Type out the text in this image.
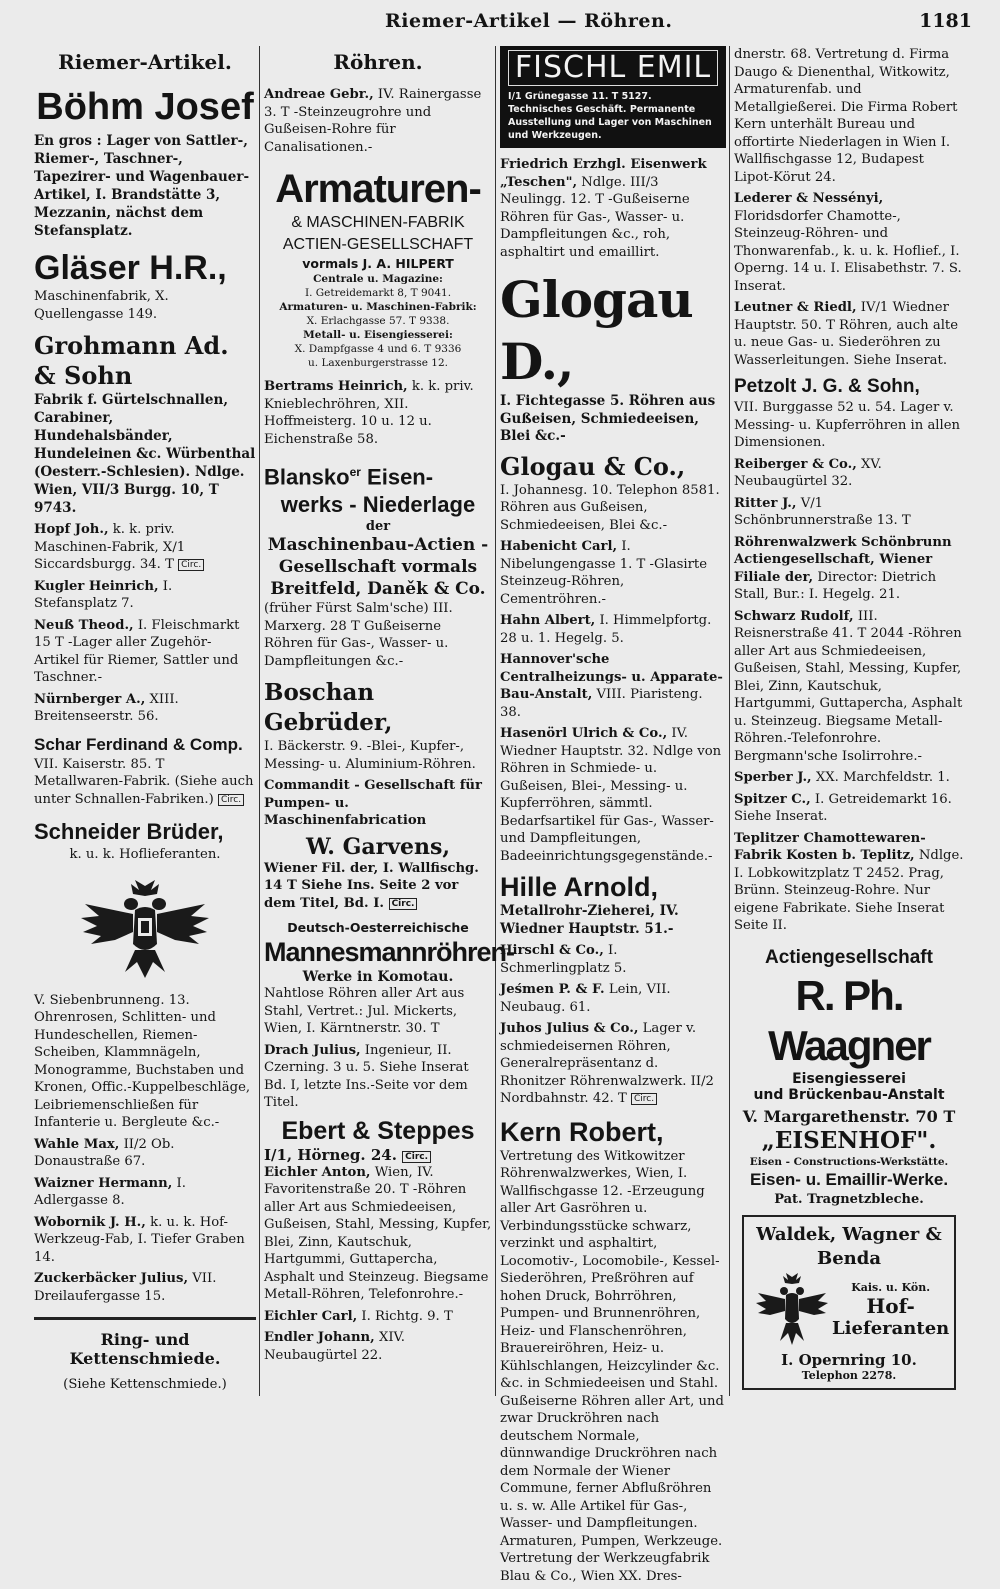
Riemer-Artikel — Röhren.	1181
Riemer-Artikel.
Böhm Josef

En gros : Lager von Sattler-, Riemer-, Taschner-, Tapezirer- und Wagenbauer-Artikel, I. Brandstätte 3, Mezzanin, nächst dem Stefansplatz.

Gläser H.R.,

Maschinenfabrik, X. Quellengasse 149.

Grohmann Ad. & Sohn

Fabrik f. Gürtelschnallen, Carabiner, Hundehalsbänder, Hundeleinen &c. Würbenthal (Oesterr.-Schlesien). Ndlge. Wien, VII/3 Burgg. 10, T 9743.

Hopf Joh., k. k. priv. Maschinen-Fabrik, X/1 Siccardsburgg. 34. T Circ.

Kugler Heinrich, I. Stefansplatz 7.

Neuß Theod., I. Fleischmarkt 15 T -Lager aller Zugehör-Artikel für Riemer, Sattler und Taschner.-

Nürnberger A., XIII. Breitenseerstr. 56.

Schar Ferdinand & Comp.

VII. Kaiserstr. 85. T Metallwaren-Fabrik. (Siehe auch unter Schnallen-Fabriken.) Circ.

Schneider Brüder,

k. u. k. Hoflieferanten.

V. Siebenbrunneng. 13. Ohrenrosen, Schlitten- und Hundeschellen, Riemen-Scheiben, Klammnägeln, Monogramme, Buchstaben und Kronen, Offic.-Kuppelbeschläge, Leibriemenschließen für Infanterie u. Bergleute &c.-

Wahle Max, II/2 Ob. Donaustraße 67.

Waizner Hermann, I. Adlergasse 8.

Wobornik J. H., k. u. k. Hof-Werkzeug-Fab, I. Tiefer Graben 14.

Zuckerbäcker Julius, VII. Dreilaufergasse 15.

Ring- und Kettenschmiede.

(Siehe Kettenschmiede.)

Röhren.

Andreae Gebr., IV. Rainergasse 3. T -Steinzeugrohre und Gußeisen-Rohre für Canalisationen.-

Armaturen-
& MASCHINEN-FABRIK
ACTIEN-GESELLSCHAFT
vormals J. A. HILPERT
Centrale u. Magazine:
I. Getreidemarkt 8, T 9041.
Armaturen- u. Maschinen-Fabrik:
X. Erlachgasse 57. T 9338.
Metall- u. Eisengiesserei:
X. Dampfgasse 4 und 6. T 9336
u. Laxenburgerstrasse 12.

Bertrams Heinrich, k. k. priv. Knieblechröhren, XII. Hoffmeisterg. 10 u. 12 u. Eichenstraße 58.

Blansko$^{er}$ Eisen-
werks - Niederlage
der
Maschinenbau-Actien - Gesellschaft vormals Breitfeld, Daněk & Co.

(früher Fürst Salm'sche) III. Marxerg. 28 T Gußeiserne Röhren für Gas-, Wasser- u. Dampfleitungen &c.-

Boschan Gebrüder,

I. Bäckerstr. 9. -Blei-, Kupfer-, Messing- u. Aluminium-Röhren.

Commandit - Gesellschaft für Pumpen- u. Maschinenfabrication

W. Garvens,

Wiener Fil. der, I. Wallfischg. 14 T Siehe Ins. Seite 2 vor dem Titel, Bd. I. Circ.

Deutsch-Oesterreichische
Mannesmannröhren-
Werke in Komotau.

Nahtlose Röhren aller Art aus Stahl, Vertret.: Jul. Mickerts, Wien, I. Kärntnerstr. 30. T

Drach Julius, Ingenieur, II. Czerning. 3 u. 5. Siehe Inserat Bd. I, letzte Ins.-Seite vor dem Titel.

Ebert & Steppes
I/1, Hörneg. 24. Circ.

Eichler Anton, Wien, IV. Favoritenstraße 20. T -Röhren aller Art aus Schmiedeeisen, Gußeisen, Stahl, Messing, Kupfer, Blei, Zinn, Kautschuk, Hartgummi, Guttapercha, Asphalt und Steinzeug. Biegsame Metall-Röhren, Telefonrohre.-

Eichler Carl, I. Richtg. 9. T

Endler Johann, XIV. Neubaugürtel 22.

FISCHL EMIL
I/1 Grünegasse 11. T 5127. Technisches Geschäft. Permanente Ausstellung und Lager von Maschinen und Werkzeugen.

Friedrich Erzhgl. Eisenwerk „Teschen", Ndlge. III/3 Neulingg. 12. T -Gußeiserne Röhren für Gas-, Wasser- u. Dampfleitungen &c., roh, asphaltirt und emaillirt.

Glogau D.,

I. Fichtegasse 5. Röhren aus Gußeisen, Schmiedeeisen, Blei &c.-

Glogau & Co.,

I. Johannesg. 10. Telephon 8581. Röhren aus Gußeisen, Schmiedeeisen, Blei &c.-

Habenicht Carl, I. Nibelungengasse 1. T -Glasirte Steinzeug-Röhren, Cementröhren.-

Hahn Albert, I. Himmelpfortg. 28 u. 1. Hegelg. 5.

Hannover'sche Centralheizungs- u. Apparate-Bau-Anstalt, VIII. Piaristeng. 38.

Hasenörl Ulrich & Co., IV. Wiedner Hauptstr. 32. Ndlge von Röhren in Schmiede- u. Gußeisen, Blei-, Messing- u. Kupferröhren, sämmtl. Bedarfsartikel für Gas-, Wasser- und Dampfleitungen, Badeeinrichtungsgegenstände.-

Hille Arnold,

Metallrohr-Zieherei, IV. Wiedner Hauptstr. 51.-

Hirschl & Co., I. Schmerlingplatz 5.

Jeśmen P. & F. Lein, VII. Neubaug. 61.

Juhos Julius & Co., Lager v. schmiedeisernen Röhren, Generalrepräsentanz d. Rhonitzer Röhrenwalzwerk. II/2 Nordbahnstr. 42. T Circ.

Kern Robert,

Vertretung des Witkowitzer Röhrenwalzwerkes, Wien, I. Wallfischgasse 12. -Erzeugung aller Art Gasröhren u. Verbindungsstücke schwarz, verzinkt und asphaltirt, Locomotiv-, Locomobile-, Kessel-Siederöhren, Preßröhren auf hohen Druck, Bohrröhren, Pumpen- und Brunnenröhren, Heiz- und Flanschenröhren, Brauereiröhren, Heiz- u. Kühlschlangen, Heizcylinder &c. &c. in Schmiedeeisen und Stahl. Gußeiserne Röhren aller Art, und zwar Druckröhren nach deutschem Normale, dünnwandige Druckröhren nach dem Normale der Wiener Commune, ferner Abflußröhren u. s. w. Alle Artikel für Gas-, Wasser- und Dampfleitungen. Armaturen, Pumpen, Werkzeuge. Vertretung der Werkzeugfabrik Blau & Co., Wien XX. Dres-

dnerstr. 68. Vertretung d. Firma Daugo & Dienenthal, Witkowitz, Armaturenfab. und Metallgießerei. Die Firma Robert Kern unterhält Bureau und offortirte Niederlagen in Wien I. Wallfischgasse 12, Budapest Lipot-Körut 24.

Lederer & Nessényi, Floridsdorfer Chamotte-, Steinzeug-Röhren- und Thonwarenfab., k. u. k. Hoflief., I. Operng. 14 u. I. Elisabethstr. 7. S. Inserat.

Leutner & Riedl, IV/1 Wiedner Hauptstr. 50. T Röhren, auch alte u. neue Gas- u. Siederöhren zu Wasserleitungen. Siehe Inserat.

Petzolt J. G. & Sohn,

VII. Burggasse 52 u. 54. Lager v. Messing- u. Kupferröhren in allen Dimensionen.

Reiberger & Co., XV. Neubaugürtel 32.

Ritter J., V/1 Schönbrunnerstraße 13. T

Röhrenwalzwerk Schönbrunn Actiengesellschaft, Wiener Filiale der, Director: Dietrich Stall, Bur.: I. Hegelg. 21.

Schwarz Rudolf, III. Reisnerstraße 41. T 2044 -Röhren aller Art aus Schmiedeeisen, Gußeisen, Stahl, Messing, Kupfer, Blei, Zinn, Kautschuk, Hartgummi, Guttapercha, Asphalt u. Steinzeug. Biegsame Metall-Röhren.-Telefonrohre. Bergmann'sche Isolirrohre.-

Sperber J., XX. Marchfeldstr. 1.

Spitzer C., I. Getreidemarkt 16. Siehe Inserat.

Teplitzer Chamottewaren-Fabrik Kosten b. Teplitz, Ndlge. I. Lobkowitzplatz T 2452. Prag, Brünn. Steinzeug-Rohre. Nur eigene Fabrikate. Siehe Inserat Seite II.

Actiengesellschaft
R. Ph. Waagner
Eisengiesserei
und Brückenbau-Anstalt
V. Margarethenstr. 70 T
„EISENHOF".
Eisen - Constructions-Werkstätte.
Eisen- u. Emaillir-Werke.
Pat. Tragnetzbleche.
Waldek, Wagner & Benda
Kais. u. Kön.
Hof-
Lieferanten
I. Opernring 10.
Telephon 2278.
